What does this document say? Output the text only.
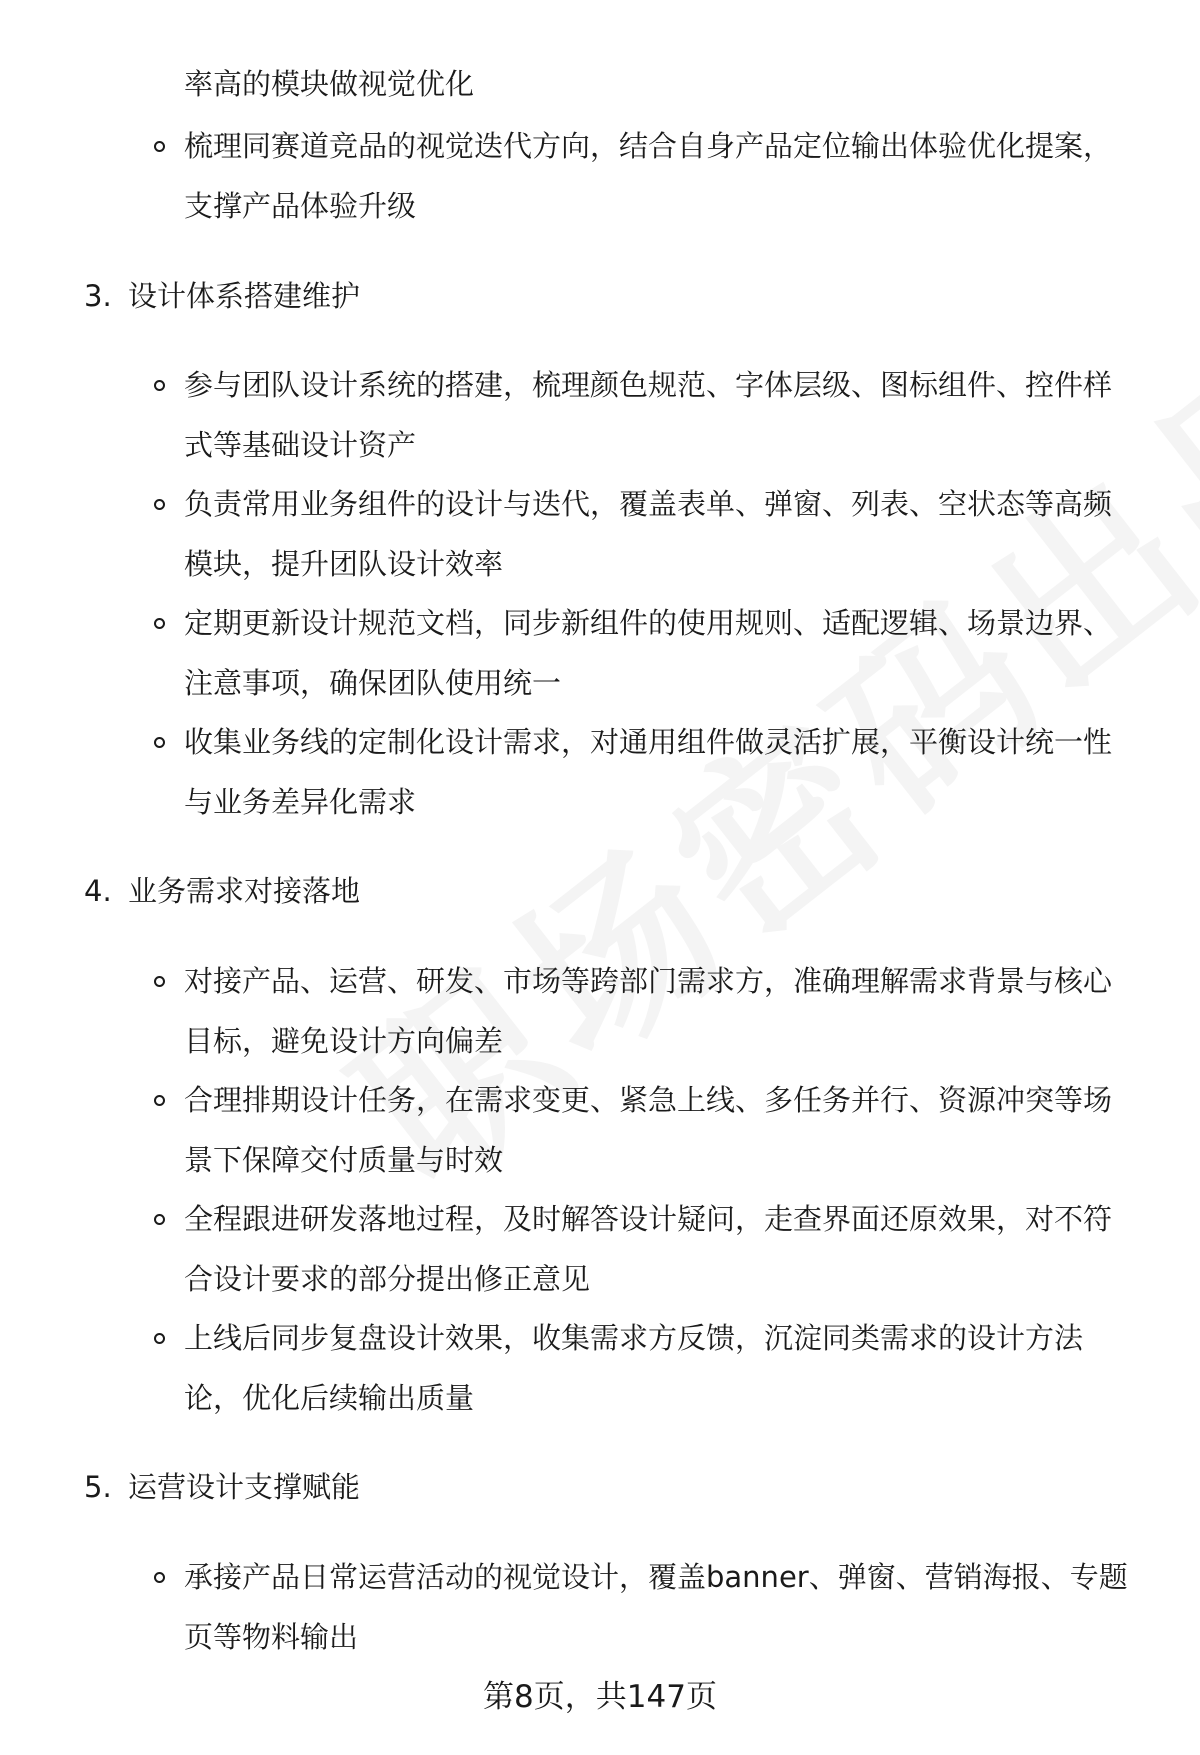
率高的模块做视觉优化
梳理同赛道竞品的视觉迭代方向，结合自身产品定位输出体验优化提案，
支撑产品体验升级
3. 设计体系搭建维护
参与团队设计系统的搭建，梳理颜色规范、字体层级、图标组件、控件样
式等基础设计资产
负责常用业务组件的设计与迭代，覆盖表单、弹窗、列表、空状态等高频
模块，提升团队设计效率
定期更新设计规范文档，同步新组件的使用规则、适配逻辑、场景边界、
注意事项，确保团队使用统一
收集业务线的定制化设计需求，对通用组件做灵活扩展，平衡设计统一性
与业务差异化需求
4. 业务需求对接落地
对接产品、运营、研发、市场等跨部门需求方，准确理解需求背景与核心
目标，避免设计方向偏差
合理排期设计任务，在需求变更、紧急上线、多任务并行、资源冲突等场
景下保障交付质量与时效
全程跟进研发落地过程，及时解答设计疑问，走查界面还原效果，对不符
合设计要求的部分提出修正意见
上线后同步复盘设计效果，收集需求方反馈，沉淀同类需求的设计方法
论，优化后续输出质量
5. 运营设计支撑赋能
承接产品日常运营活动的视觉设计，覆盖banner、弹窗、营销海报、专题
页等物料输出
第8页，共147页
